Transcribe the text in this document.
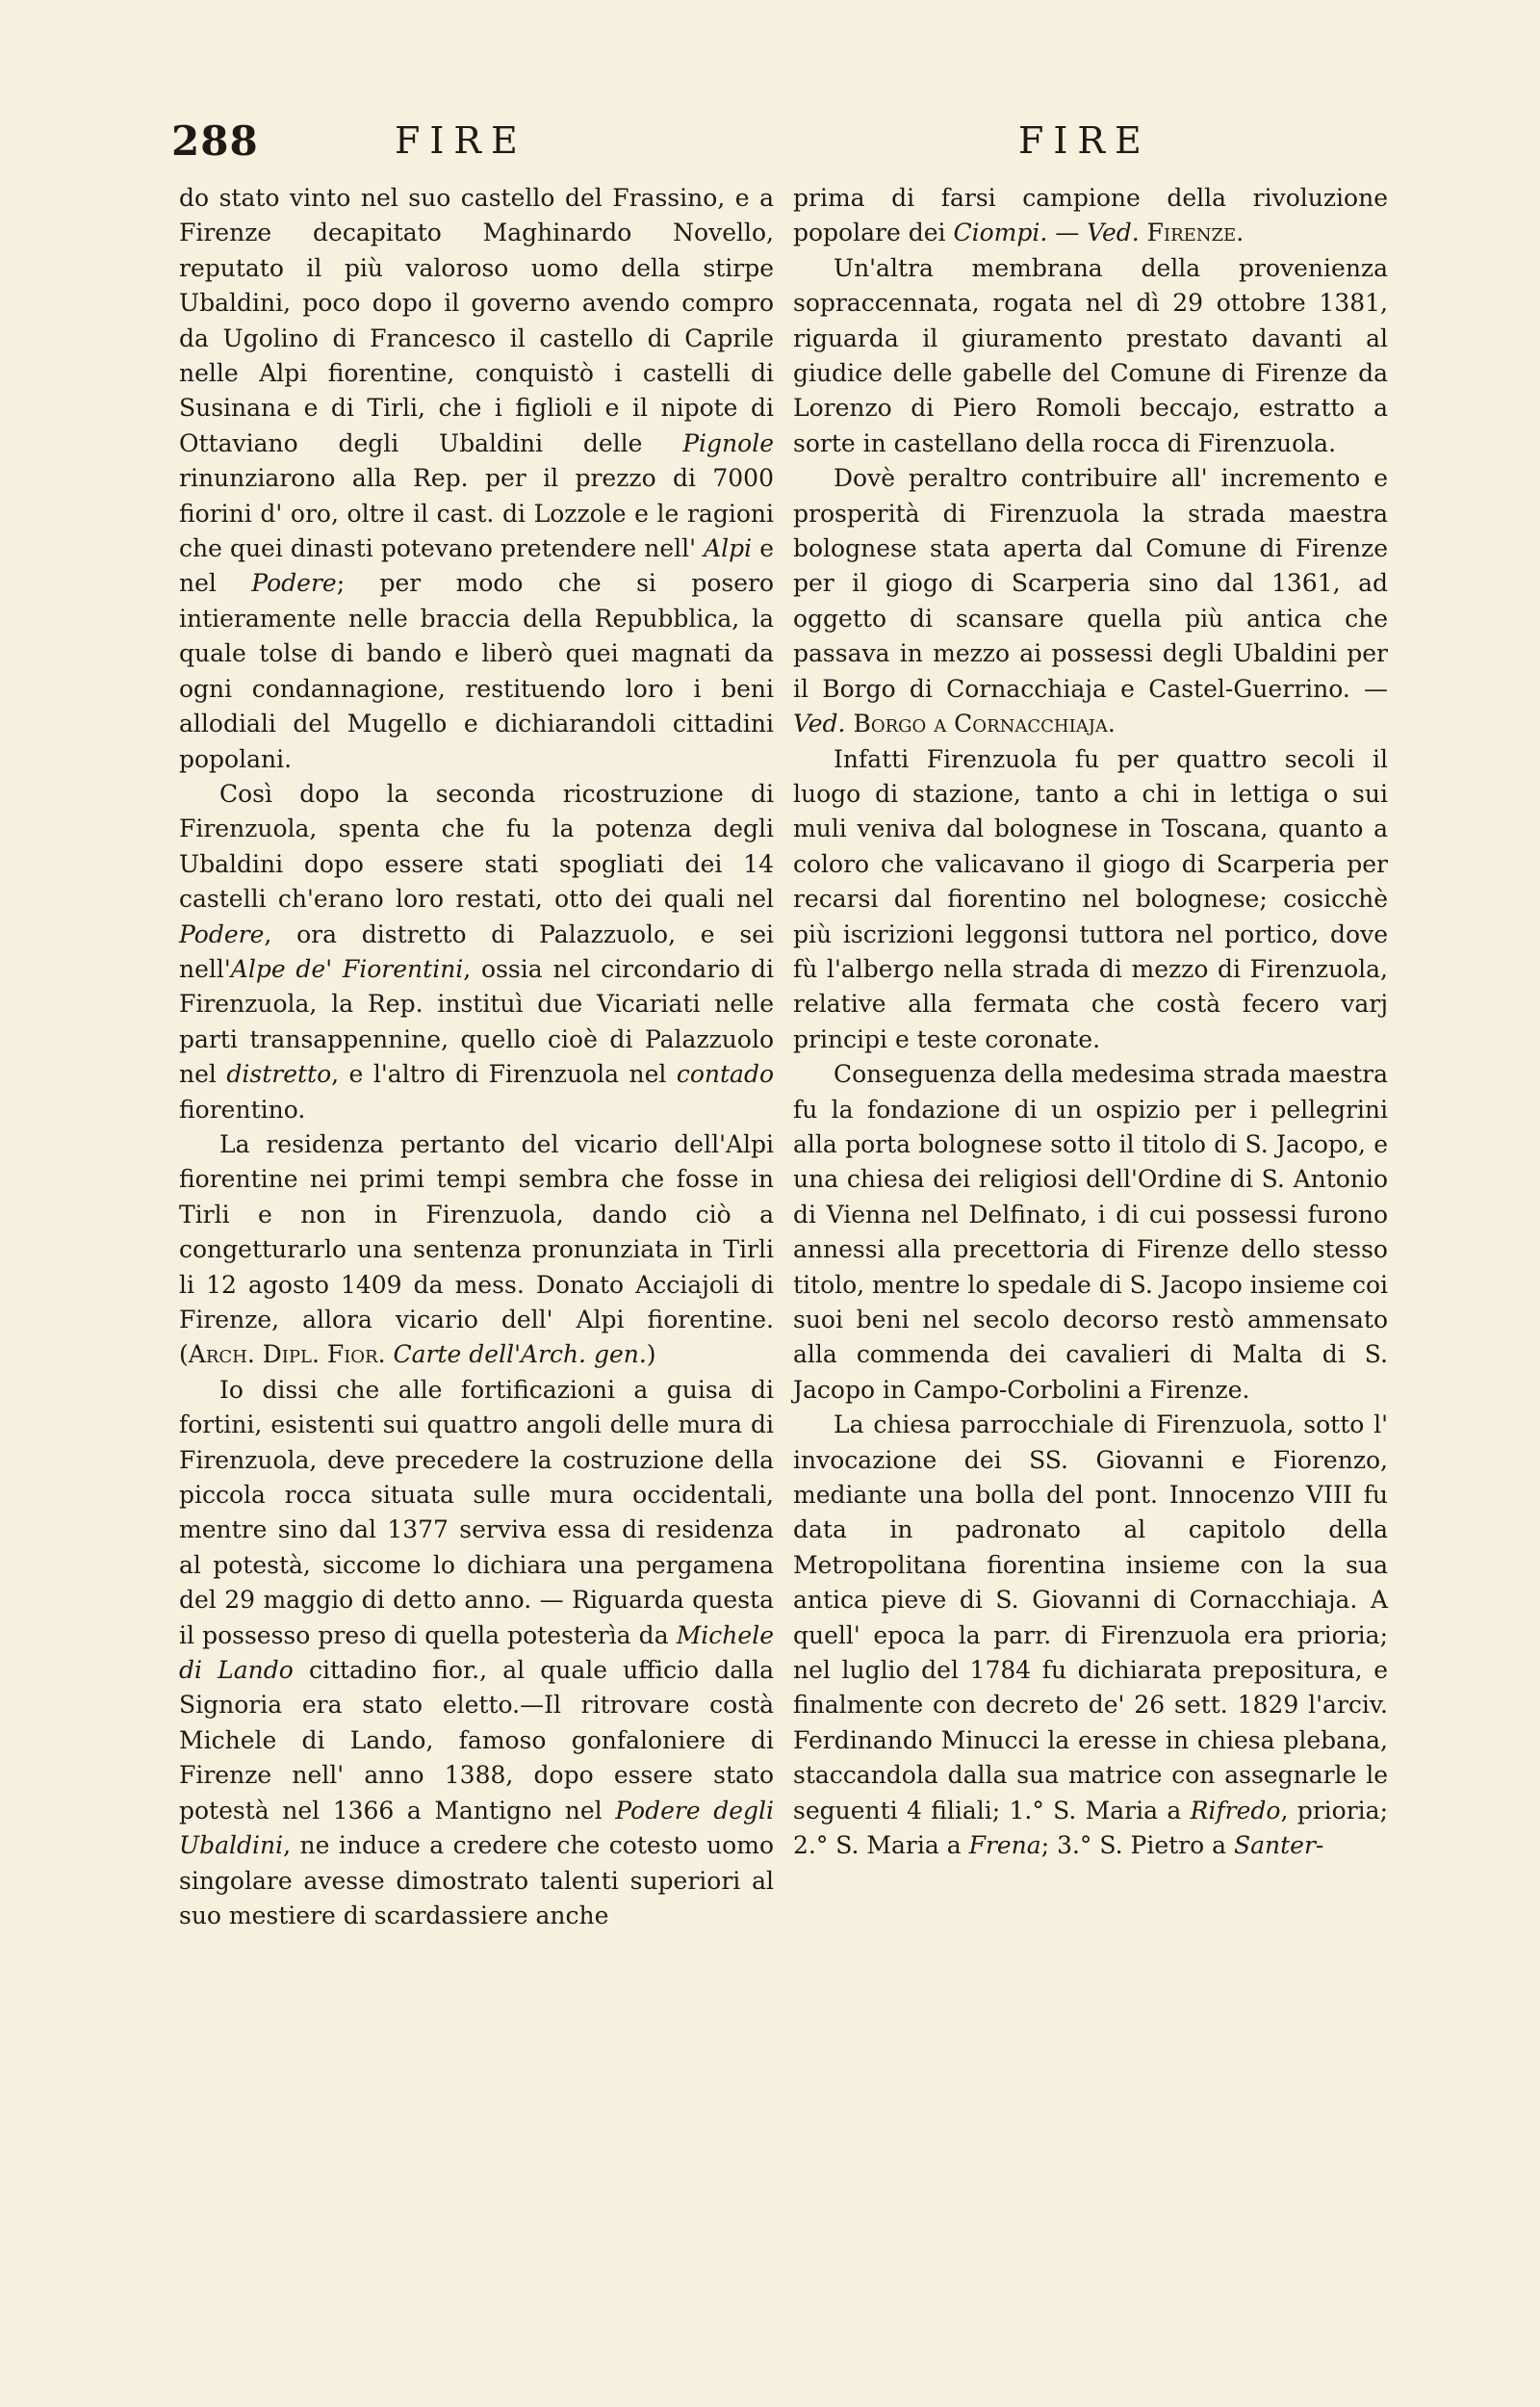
288	FIRE	FIRE

do stato vinto nel suo castello del Frassino, e a Firenze decapitato Maghinardo Novello, reputato il più valoroso uomo della stirpe Ubaldini, poco dopo il governo avendo compro da Ugolino di Francesco il castello di Caprile nelle Alpi fiorentine, conquistò i castelli di Susinana e di Tirli, che i figlioli e il nipote di Ottaviano degli Ubaldini delle Pignole rinunziarono alla Rep. per il prezzo di 7000 fiorini d' oro, oltre il cast. di Lozzole e le ragioni che quei dinasti potevano pretendere nell' Alpi e nel Podere; per modo che si posero intieramente nelle braccia della Repubblica, la quale tolse di bando e liberò quei magnati da ogni condannagione, restituendo loro i beni allodiali del Mugello e dichiarandoli cittadini popolani.

Così dopo la seconda ricostruzione di Firenzuola, spenta che fu la potenza degli Ubaldini dopo essere stati spogliati dei 14 castelli ch'erano loro restati, otto dei quali nel Podere, ora distretto di Palazzuolo, e sei nell'Alpe de' Fiorentini, ossia nel circondario di Firenzuola, la Rep. instituì due Vicariati nelle parti transappennine, quello cioè di Palazzuolo nel distretto, e l'altro di Firenzuola nel contado fiorentino.

La residenza pertanto del vicario dell'Alpi fiorentine nei primi tempi sembra che fosse in Tirli e non in Firenzuola, dando ciò a congetturarlo una sentenza pronunziata in Tirli li 12 agosto 1409 da mess. Donato Acciajoli di Firenze, allora vicario dell' Alpi fiorentine. (Arch. Dipl. Fior. Carte dell'Arch. gen.)

Io dissi che alle fortificazioni a guisa di fortini, esistenti sui quattro angoli delle mura di Firenzuola, deve precedere la costruzione della piccola rocca situata sulle mura occidentali, mentre sino dal 1377 serviva essa di residenza al potestà, siccome lo dichiara una pergamena del 29 maggio di detto anno. — Riguarda questa il possesso preso di quella potesterìa da Michele di Lando cittadino fior., al quale ufficio dalla Signoria era stato eletto.—Il ritrovare costà Michele di Lando, famoso gonfaloniere di Firenze nell' anno 1388, dopo essere stato potestà nel 1366 a Mantigno nel Podere degli Ubaldini, ne induce a credere che cotesto uomo singolare avesse dimostrato talenti superiori al suo mestiere di scardassiere anche

prima di farsi campione della rivoluzione popolare dei Ciompi. — Ved. Firenze.

Un'altra membrana della provenienza sopraccennata, rogata nel dì 29 ottobre 1381, riguarda il giuramento prestato davanti al giudice delle gabelle del Comune di Firenze da Lorenzo di Piero Romoli beccajo, estratto a sorte in castellano della rocca di Firenzuola.

Dovè peraltro contribuire all' incremento e prosperità di Firenzuola la strada maestra bolognese stata aperta dal Comune di Firenze per il giogo di Scarperia sino dal 1361, ad oggetto di scansare quella più antica che passava in mezzo ai possessi degli Ubaldini per il Borgo di Cornacchiaja e Castel-Guerrino. — Ved. Borgo a Cornacchiaja.

Infatti Firenzuola fu per quattro secoli il luogo di stazione, tanto a chi in lettiga o sui muli veniva dal bolognese in Toscana, quanto a coloro che valicavano il giogo di Scarperia per recarsi dal fiorentino nel bolognese; cosicchè più iscrizioni leggonsi tuttora nel portico, dove fù l'albergo nella strada di mezzo di Firenzuola, relative alla fermata che costà fecero varj principi e teste coronate.

Conseguenza della medesima strada maestra fu la fondazione di un ospizio per i pellegrini alla porta bolognese sotto il titolo di S. Jacopo, e una chiesa dei religiosi dell'Ordine di S. Antonio di Vienna nel Delfinato, i di cui possessi furono annessi alla precettoria di Firenze dello stesso titolo, mentre lo spedale di S. Jacopo insieme coi suoi beni nel secolo decorso restò ammensato alla commenda dei cavalieri di Malta di S. Jacopo in Campo-Corbolini a Firenze.

La chiesa parrocchiale di Firenzuola, sotto l' invocazione dei SS. Giovanni e Fiorenzo, mediante una bolla del pont. Innocenzo VIII fu data in padronato al capitolo della Metropolitana fiorentina insieme con la sua antica pieve di S. Giovanni di Cornacchiaja. A quell' epoca la parr. di Firenzuola era prioria; nel luglio del 1784 fu dichiarata prepositura, e finalmente con decreto de' 26 sett. 1829 l'arciv. Ferdinando Minucci la eresse in chiesa plebana, staccandola dalla sua matrice con assegnarle le seguenti 4 filiali; 1.° S. Maria a Rifredo, prioria; 2.° S. Maria a Frena; 3.° S. Pietro a Santer-
